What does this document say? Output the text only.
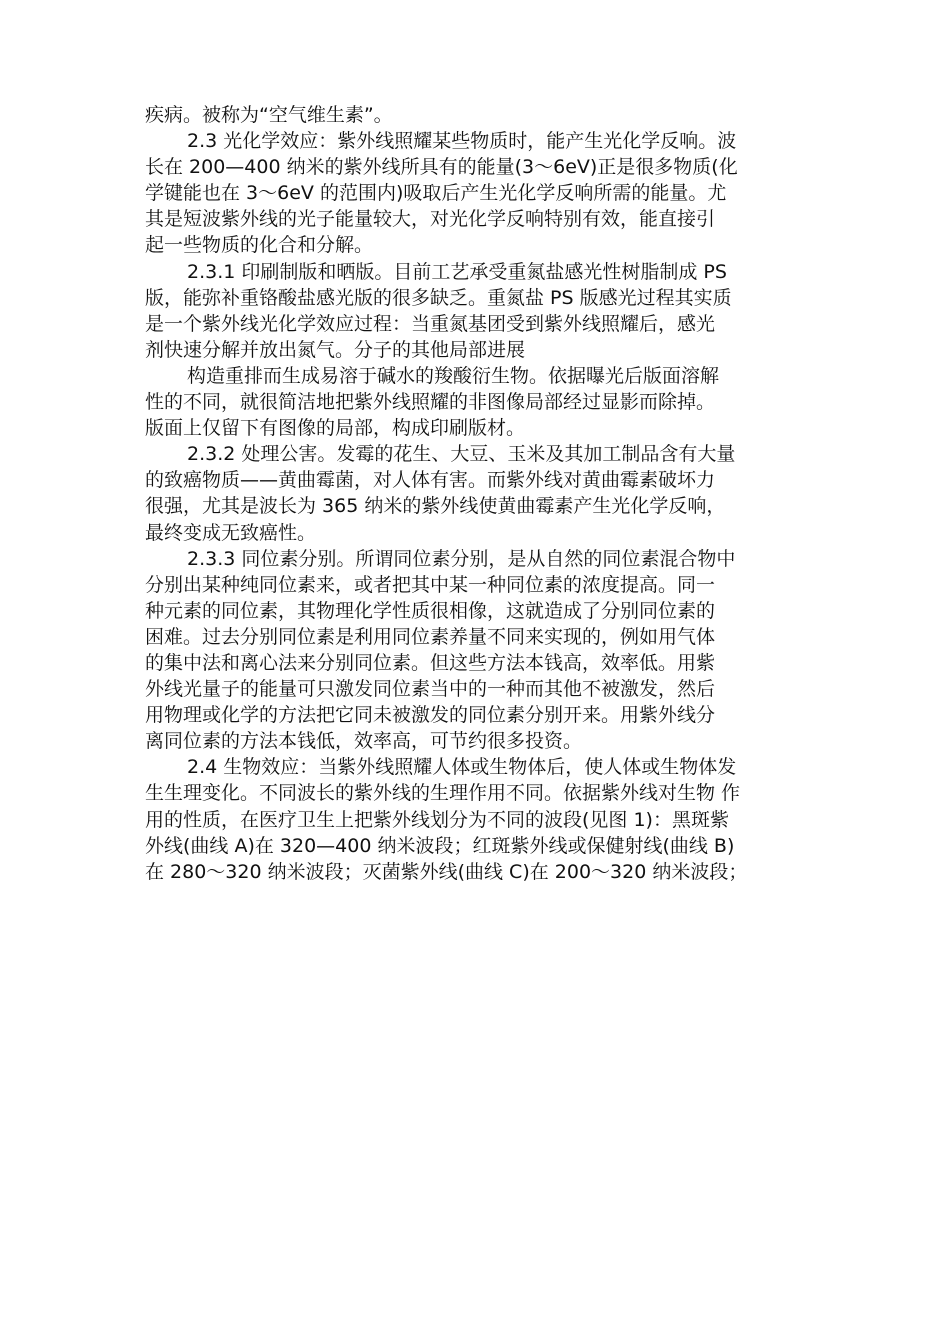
疾病。被称为“空气维生素”。

2.3 光化学效应：紫外线照耀某些物质时，能产生光化学反响。波
长在 200—400 纳米的紫外线所具有的能量(3～6eV)正是很多物质(化
学键能也在 3～6eV 的范围内)吸取后产生光化学反响所需的能量。尤
其是短波紫外线的光子能量较大，对光化学反响特别有效，能直接引
起一些物质的化合和分解。

2.3.1 印刷制版和晒版。目前工艺承受重氮盐感光性树脂制成 PS
版，能弥补重铬酸盐感光版的很多缺乏。重氮盐 PS 版感光过程其实质
是一个紫外线光化学效应过程：当重氮基团受到紫外线照耀后，感光
剂快速分解并放出氮气。分子的其他局部进展

构造重排而生成易溶于碱水的羧酸衍生物。依据曝光后版面溶解
性的不同，就很简洁地把紫外线照耀的非图像局部经过显影而除掉。
版面上仅留下有图像的局部，构成印刷版材。

2.3.2 处理公害。发霉的花生、大豆、玉米及其加工制品含有大量
的致癌物质——黄曲霉菌，对人体有害。而紫外线对黄曲霉素破坏力
很强，尤其是波长为 365 纳米的紫外线使黄曲霉素产生光化学反响，
最终变成无致癌性。

2.3.3 同位素分别。所谓同位素分别，是从自然的同位素混合物中
分别出某种纯同位素来，或者把其中某一种同位素的浓度提高。同一
种元素的同位素，其物理化学性质很相像，这就造成了分别同位素的
困难。过去分别同位素是利用同位素养量不同来实现的，例如用气体
的集中法和离心法来分别同位素。但这些方法本钱高，效率低。用紫
外线光量子的能量可只激发同位素当中的一种而其他不被激发，然后
用物理或化学的方法把它同未被激发的同位素分别开来。用紫外线分
离同位素的方法本钱低，效率高，可节约很多投资。

2.4 生物效应：当紫外线照耀人体或生物体后，使人体或生物体发
生生理变化。不同波长的紫外线的生理作用不同。依据紫外线对生物 作
用的性质，在医疗卫生上把紫外线划分为不同的波段(见图 1)：黑斑紫
外线(曲线 A)在 320—400 纳米波段；红斑紫外线或保健射线(曲线 B)
在 280～320 纳米波段；灭菌紫外线(曲线 C)在 200～320 纳米波段；
